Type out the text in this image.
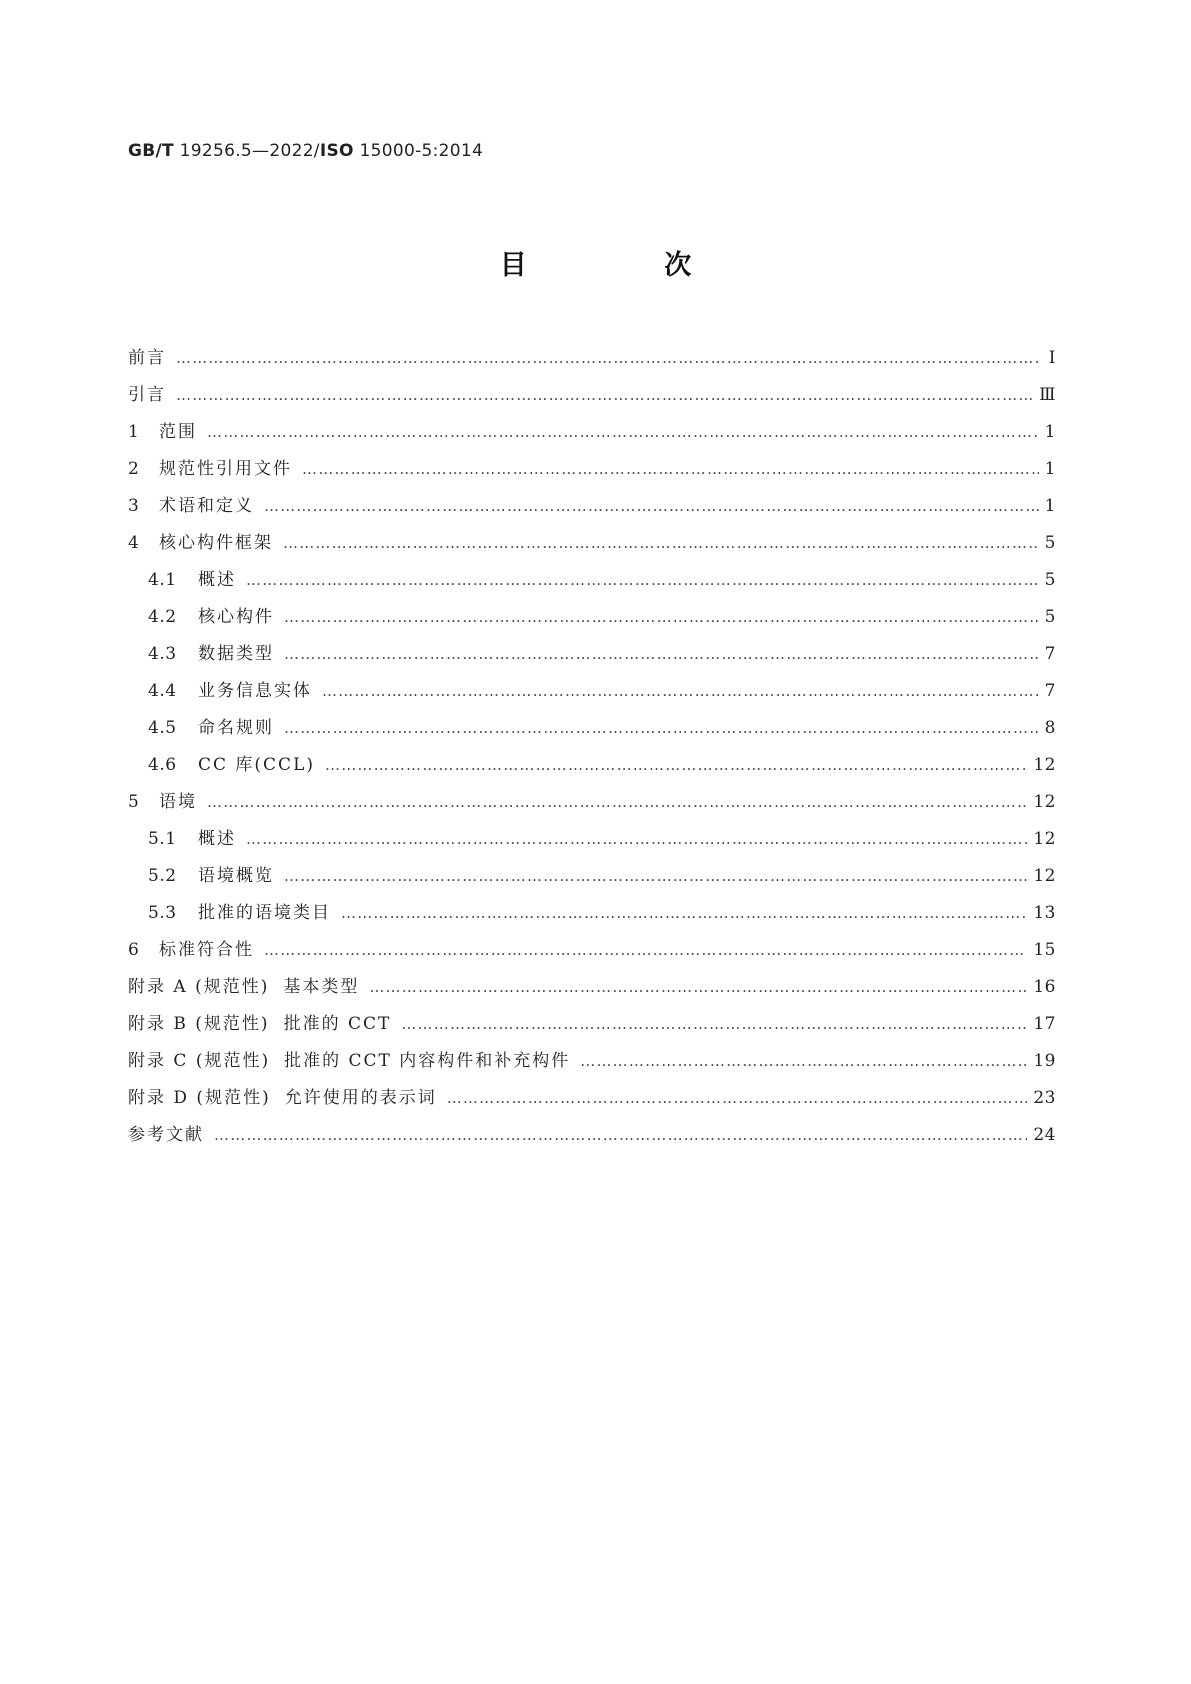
GB/T 19256.5—2022/ISO 15000-5:2014
目 次
前言 ………………………………………………………………………………………………………………………………………………………………………………………………………………	Ⅰ
引言 ………………………………………………………………………………………………………………………………………………………………………………………………………………	Ⅲ
1	范围 ………………………………………………………………………………………………………………………………………………………………………………………………………………	1
2	规范性引用文件 ………………………………………………………………………………………………………………………………………………………………………………………………………………	1
3	术语和定义 ………………………………………………………………………………………………………………………………………………………………………………………………………………	1
4	核心构件框架 ………………………………………………………………………………………………………………………………………………………………………………………………………………	5
4.1	概述 ………………………………………………………………………………………………………………………………………………………………………………………………………………	5
4.2	核心构件 ………………………………………………………………………………………………………………………………………………………………………………………………………………	5
4.3	数据类型 ………………………………………………………………………………………………………………………………………………………………………………………………………………	7
4.4	业务信息实体 ………………………………………………………………………………………………………………………………………………………………………………………………………………	7
4.5	命名规则 ………………………………………………………………………………………………………………………………………………………………………………………………………………	8
4.6	CC 库(CCL) ………………………………………………………………………………………………………………………………………………………………………………………………………………	12
5	语境 ………………………………………………………………………………………………………………………………………………………………………………………………………………	12
5.1	概述 ………………………………………………………………………………………………………………………………………………………………………………………………………………	12
5.2	语境概览 ………………………………………………………………………………………………………………………………………………………………………………………………………………	12
5.3	批准的语境类目 ………………………………………………………………………………………………………………………………………………………………………………………………………………	13
6	标准符合性 ………………………………………………………………………………………………………………………………………………………………………………………………………………	15
附录 A (规范性) 基本类型 ………………………………………………………………………………………………………………………………………………………………………………………………………………	16
附录 B (规范性) 批准的 CCT ………………………………………………………………………………………………………………………………………………………………………………………………………………	17
附录 C (规范性) 批准的 CCT 内容构件和补充构件 ………………………………………………………………………………………………………………………………………………………………………………………………………………	19
附录 D (规范性) 允许使用的表示词 ………………………………………………………………………………………………………………………………………………………………………………………………………………	23
参考文献 ………………………………………………………………………………………………………………………………………………………………………………………………………………	24
